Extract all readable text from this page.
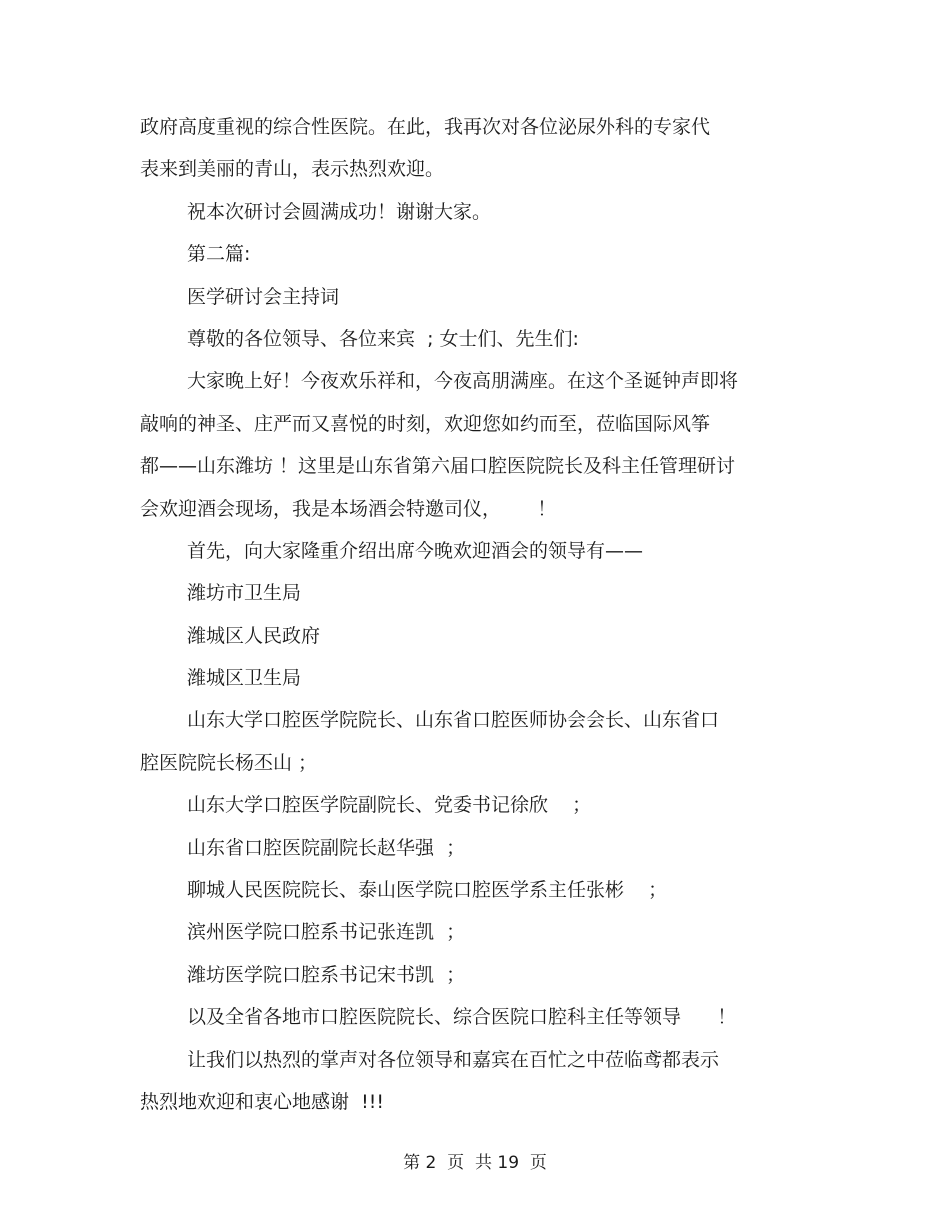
政府高度重视的综合性医院。在此，我再次对各位泌尿外科的专家代
表来到美丽的青山，表示热烈欢迎。
祝本次研讨会圆满成功！谢谢大家。
第二篇:
医学研讨会主持词
尊敬的各位领导、各位来宾  ; 女士们、先生们:
大家晚上好！今夜欢乐祥和，今夜高朋满座。在这个圣诞钟声即将
敲响的神圣、庄严而又喜悦的时刻，欢迎您如约而至，莅临国际风筝
都——山东潍坊 ！这里是山东省第六届口腔医院院长及科主任管理研讨
会欢迎酒会现场，我是本场酒会特邀司仪，      ！
首先，向大家隆重介绍出席今晚欢迎酒会的领导有——
潍坊市卫生局
潍城区人民政府
潍城区卫生局
山东大学口腔医学院院长、山东省口腔医师协会会长、山东省口
腔医院院长杨丕山 ；
山东大学口腔医学院副院长、党委书记徐欣    ；
山东省口腔医院副院长赵华强  ；
聊城人民医院院长、泰山医学院口腔医学系主任张彬    ；
滨州医学院口腔系书记张连凯  ；
潍坊医学院口腔系书记宋书凯  ；
以及全省各地市口腔医院院长、综合医院口腔科主任等领导      ！
让我们以热烈的掌声对各位领导和嘉宾在百忙之中莅临鸢都表示
热烈地欢迎和衷心地感谢  !!!
第 2  页  共 19  页
